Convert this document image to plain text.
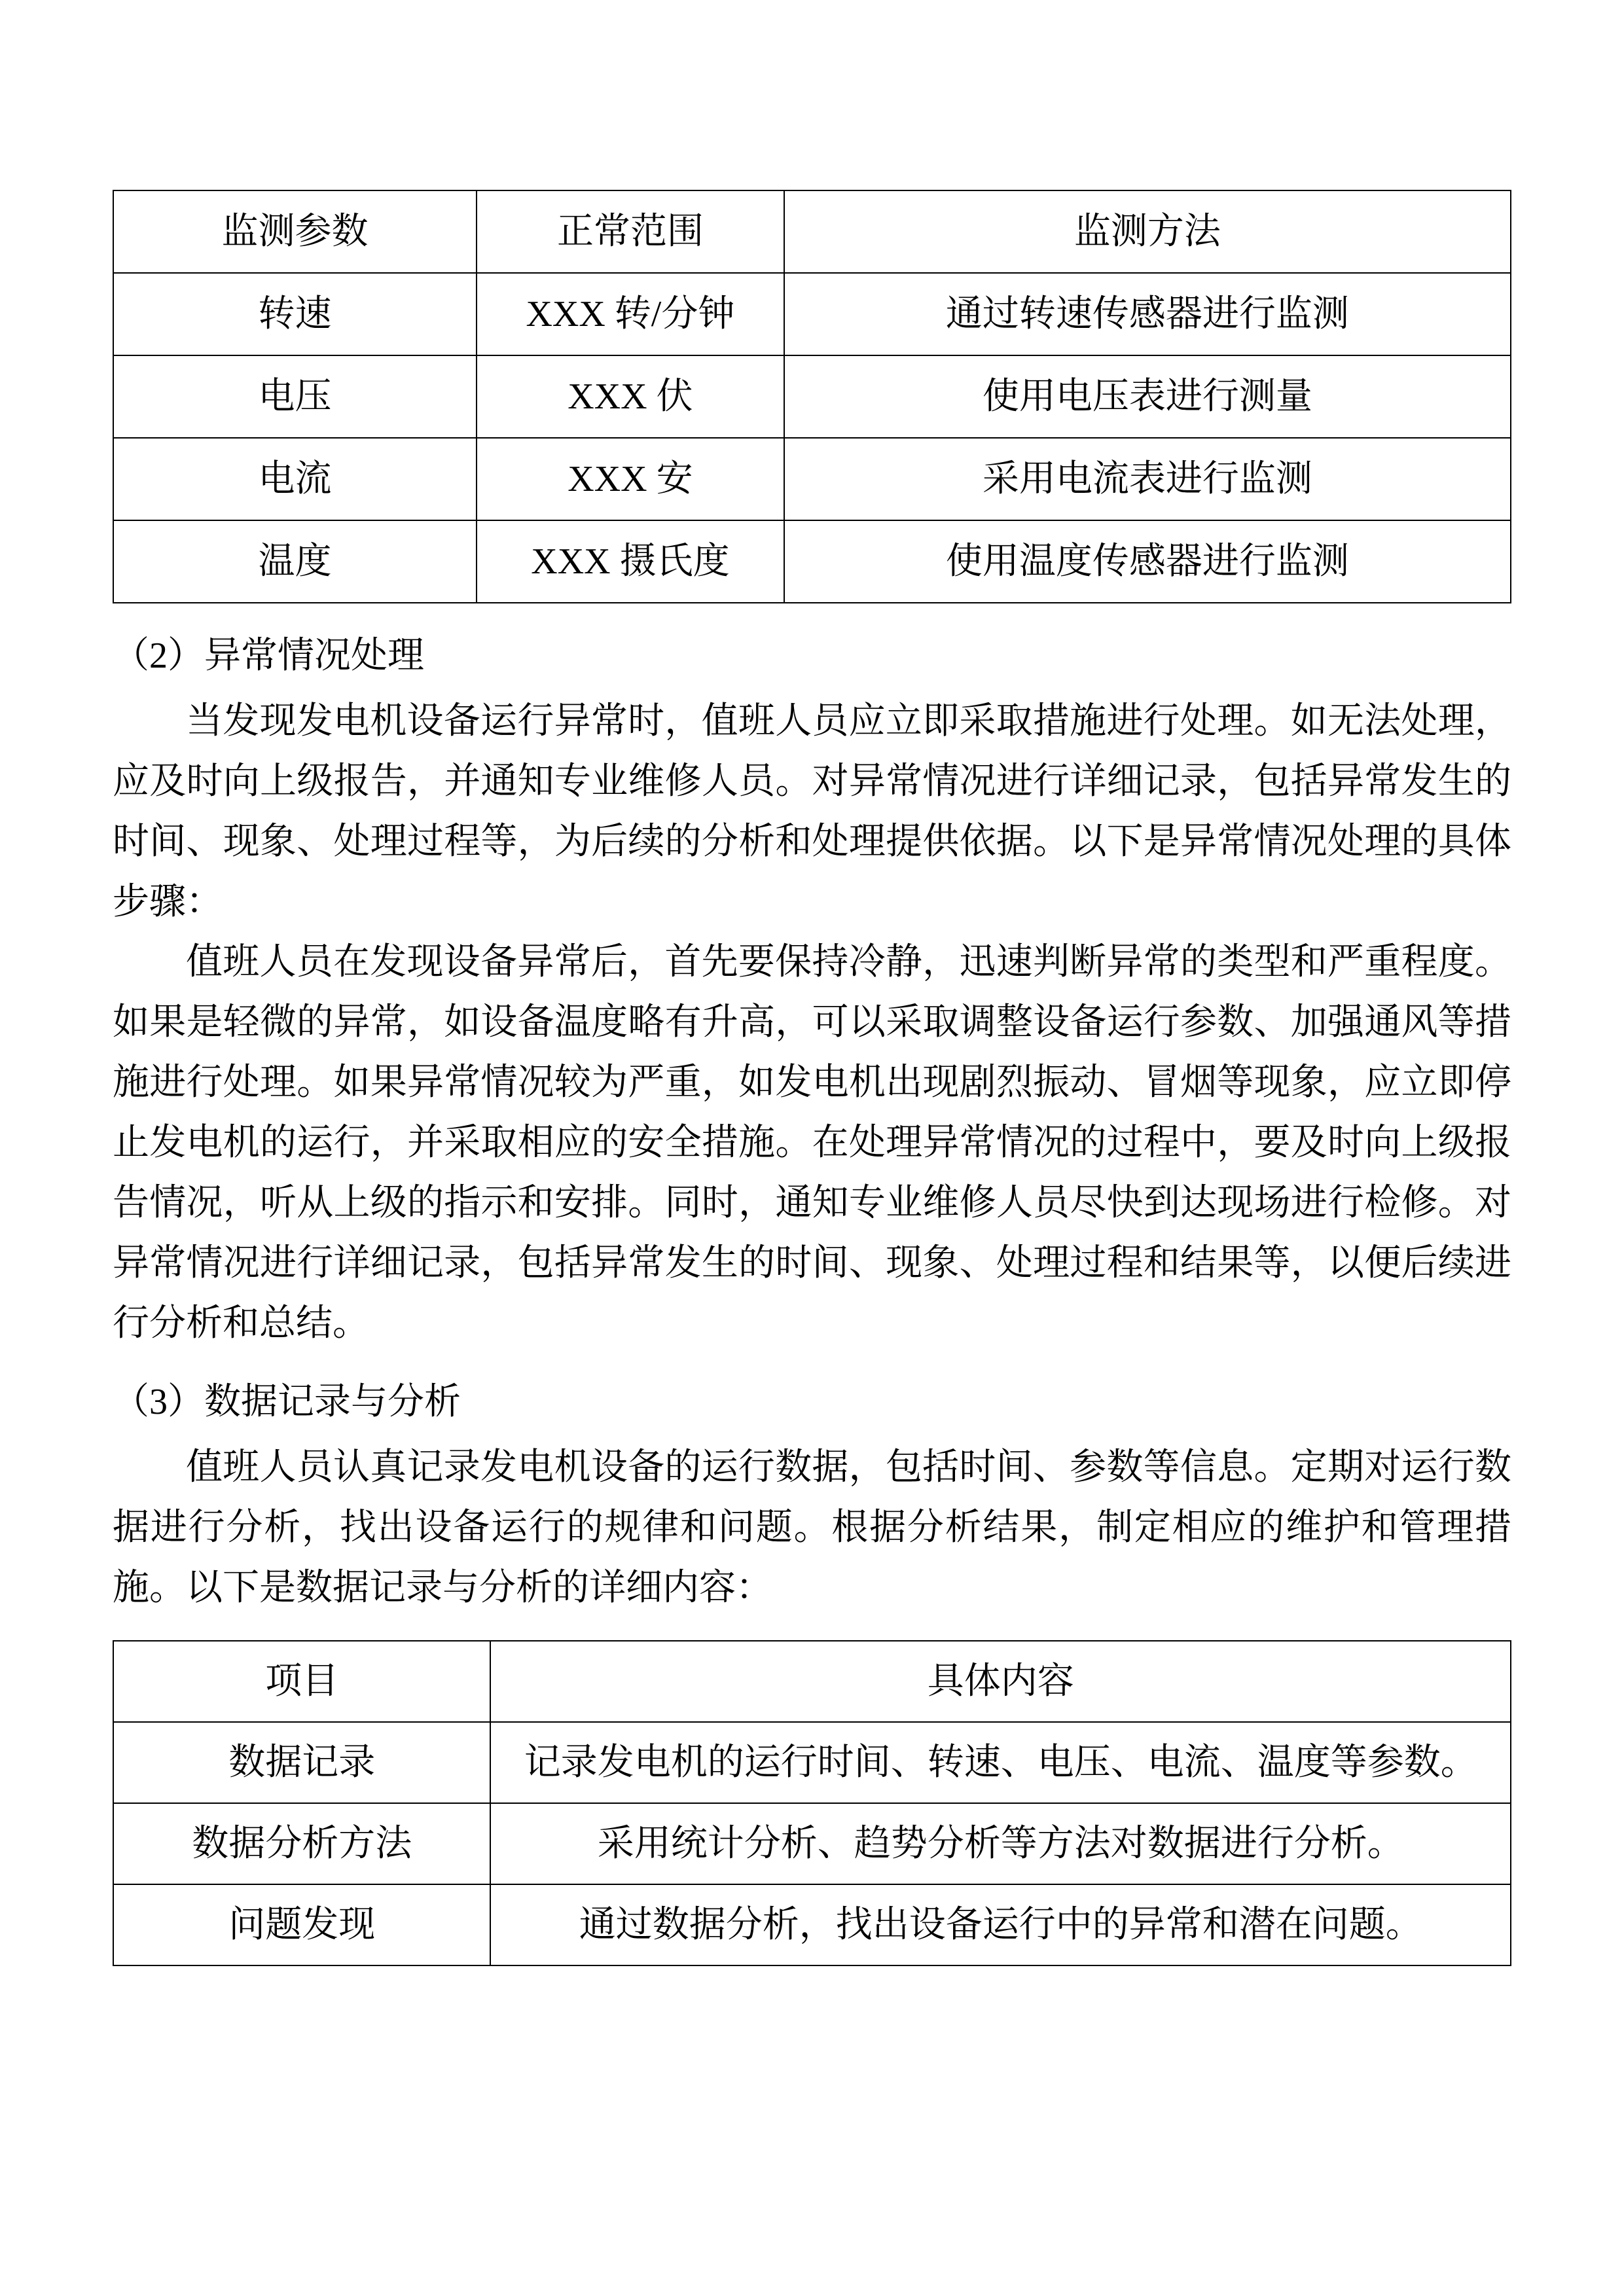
监测参数	正常范围	监测方法
转速	XXX 转/分钟	通过转速传感器进行监测
电压	XXX 伏	使用电压表进行测量
电流	XXX 安	采用电流表进行监测
温度	XXX 摄氏度	使用温度传感器进行监测

（2）异常情况处理

当发现发电机设备运行异常时，值班人员应立即采取措施进行处理。如无法处理，应及时向上级报告，并通知专业维修人员。对异常情况进行详细记录，包括异常发生的时间、现象、处理过程等，为后续的分析和处理提供依据。以下是异常情况处理的具体步骤：

值班人员在发现设备异常后，首先要保持冷静，迅速判断异常的类型和严重程度。如果是轻微的异常，如设备温度略有升高，可以采取调整设备运行参数、加强通风等措施进行处理。如果异常情况较为严重，如发电机出现剧烈振动、冒烟等现象，应立即停止发电机的运行，并采取相应的安全措施。在处理异常情况的过程中，要及时向上级报告情况，听从上级的指示和安排。同时，通知专业维修人员尽快到达现场进行检修。对异常情况进行详细记录，包括异常发生的时间、现象、处理过程和结果等，以便后续进行分析和总结。

（3）数据记录与分析

值班人员认真记录发电机设备的运行数据，包括时间、参数等信息。定期对运行数据进行分析，找出设备运行的规律和问题。根据分析结果，制定相应的维护和管理措施。以下是数据记录与分析的详细内容：

项目	具体内容
数据记录	记录发电机的运行时间、转速、电压、电流、温度等参数。
数据分析方法	采用统计分析、趋势分析等方法对数据进行分析。
问题发现	通过数据分析，找出设备运行中的异常和潜在问题。
